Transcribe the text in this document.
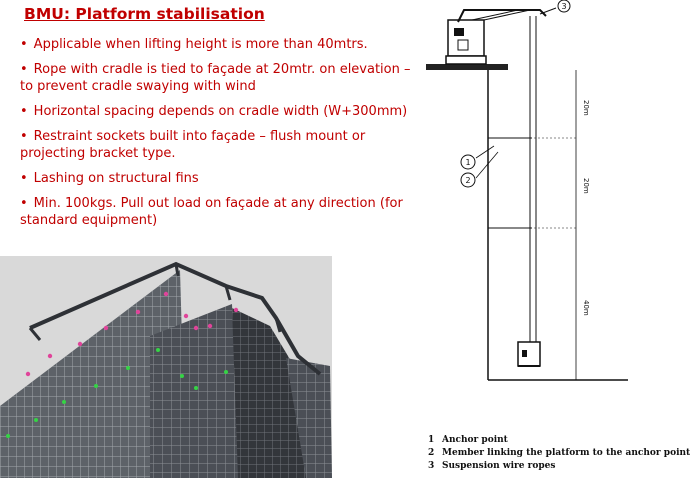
BMU: Platform stabilisation
• Applicable when lifting height is more than 40mtrs.
• Rope with cradle is tied to façade at 20mtr. on elevation – to prevent cradle swaying with wind
• Horizontal spacing depends on cradle width (W+300mm)
• Restraint sockets built into façade – flush mount or projecting bracket type.
• Lashing on structural fins
• Min. 100kgs. Pull out load on façade at any direction (for standard equipment)
3
20m
20m
40m
1
2
1 Anchor point
2 Member linking the platform to the anchor point
3 Suspension wire ropes
